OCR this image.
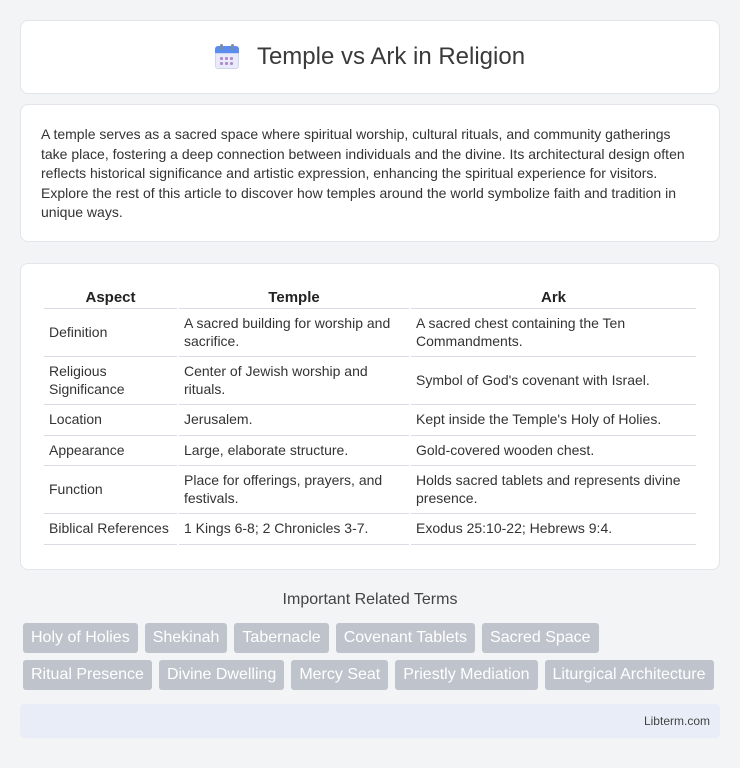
Temple vs Ark in Religion

A temple serves as a sacred space where spiritual worship, cultural rituals, and community gatherings take place, fostering a deep connection between individuals and the divine. Its architectural design often reflects historical significance and artistic expression, enhancing the spiritual experience for visitors. Explore the rest of this article to discover how temples around the world symbolize faith and tradition in unique ways.

Aspect	Temple	Ark
Definition	A sacred building for worship and sacrifice.	A sacred chest containing the Ten Commandments.
Religious Significance	Center of Jewish worship and rituals.	Symbol of God's covenant with Israel.
Location	Jerusalem.	Kept inside the Temple's Holy of Holies.
Appearance	Large, elaborate structure.	Gold-covered wooden chest.
Function	Place for offerings, prayers, and festivals.	Holds sacred tablets and represents divine presence.
Biblical References	1 Kings 6-8; 2 Chronicles 3-7.	Exodus 25:10-22; Hebrews 9:4.
Important Related Terms
Holy of Holies	Shekinah	Tabernacle	Covenant Tablets	Sacred Space
Ritual Presence	Divine Dwelling	Mercy Seat	Priestly Mediation	Liturgical Architecture
Libterm.com
